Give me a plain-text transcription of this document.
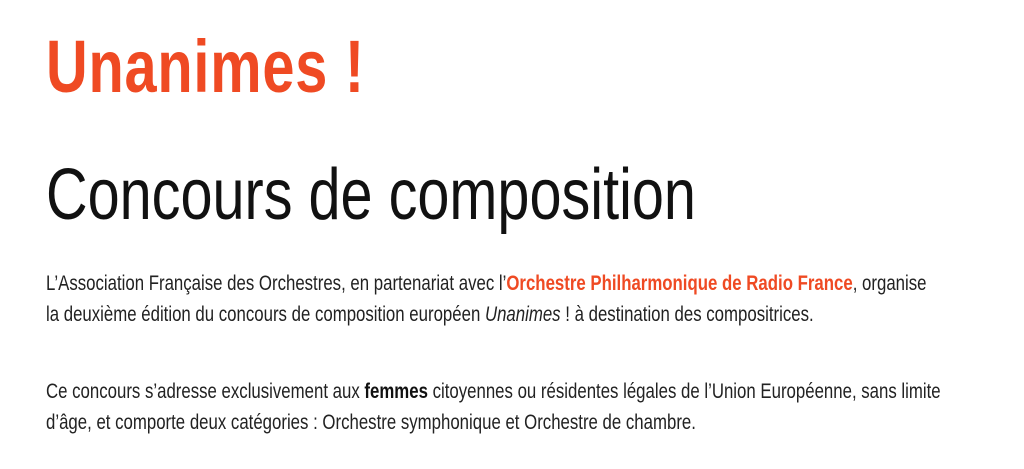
Unanimes !
Concours de composition

L’Association Française des Orchestres, en partenariat avec l’Orchestre Philharmonique de Radio France, organise la deuxième édition du concours de composition européen Unanimes ! à destination des compositrices.

Ce concours s’adresse exclusivement aux femmes citoyennes ou résidentes légales de l’Union Européenne, sans limite d’âge, et comporte deux catégories : Orchestre symphonique et Orchestre de chambre.
